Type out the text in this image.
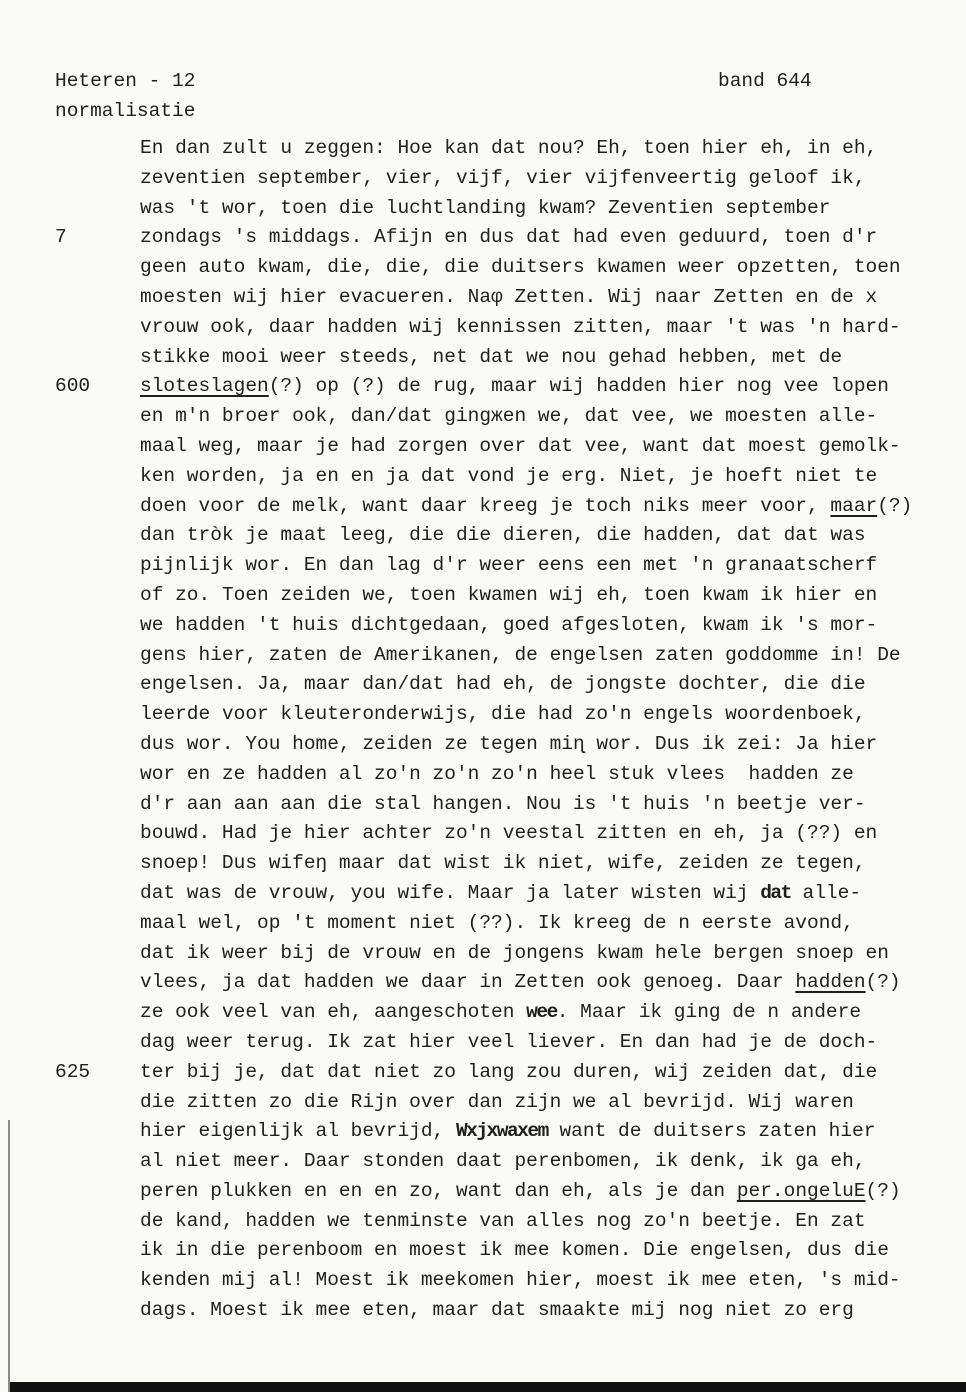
Heteren - 12	band 644
normalisatie
En dan zult u zeggen: Hoe kan dat nou? Eh, toen hier eh, in eh,
zeventien september, vier, vijf, vier vijfenveertig geloof ik,
was 't wor, toen die luchtlanding kwam? Zeventien september
7	zondags 's middags. Afijn en dus dat had even geduurd, toen d'r
geen auto kwam, die, die, die duitsers kwamen weer opzetten, toen
moesten wij hier evacueren. Naφ Zetten. Wij naar Zetten en de x
vrouw ook, daar hadden wij kennissen zitten, maar 't was 'n hard-
stikke mooi weer steeds, net dat we nou gehad hebben, met de
600	sloteslagen(?) op (?) de rug, maar wij hadden hier nog vee lopen
en m'n broer ook, dan/dat gingжen we, dat vee, we moesten alle-
maal weg, maar je had zorgen over dat vee, want dat moest gemolk-
ken worden, ja en en ja dat vond je erg. Niet, je hoeft niet te
doen voor de melk, want daar kreeg je toch niks meer voor, maar(?)
dan tròk je maat leeg, die die dieren, die hadden, dat dat was
pijnlijk wor. En dan lag d'r weer eens een met 'n granaatscherf
of zo. Toen zeiden we, toen kwamen wij eh, toen kwam ik hier en
we hadden 't huis dichtgedaan, goed afgesloten, kwam ik 's mor-
gens hier, zaten de Amerikanen, de engelsen zaten goddomme in! De
engelsen. Ja, maar dan/dat had eh, de jongste dochter, die die
leerde voor kleuteronderwijs, die had zo'n engels woordenboek,
dus wor. You home, zeiden ze tegen miɳ wor. Dus ik zei: Ja hier
wor en ze hadden al zo'n zo'n zo'n heel stuk vlees  hadden ze
d'r aan aan aan die stal hangen. Nou is 't huis 'n beetje ver-
bouwd. Had je hier achter zo'n veestal zitten en eh, ja (??) en
snoep! Dus wifeŋ maar dat wist ik niet, wife, zeiden ze tegen,
dat was de vrouw, you wife. Maar ja later wisten wij dat alle-
maal wel, op 't moment niet (??). Ik kreeg de n eerste avond,
dat ik weer bij de vrouw en de jongens kwam hele bergen snoep en
vlees, ja dat hadden we daar in Zetten ook genoeg. Daar hadden(?)
ze ook veel van eh, aangeschoten wee. Maar ik ging de n andere
dag weer terug. Ik zat hier veel liever. En dan had je de doch-
625	ter bij je, dat dat niet zo lang zou duren, wij zeiden dat, die
die zitten zo die Rijn over dan zijn we al bevrijd. Wij waren
hier eigenlijk al bevrijd, Wxjxwaxem want de duitsers zaten hier
al niet meer. Daar stonden daat perenbomen, ik denk, ik ga eh,
peren plukken en en en zo, want dan eh, als je dan per.ongeluE(?)
de kand, hadden we tenminste van alles nog zo'n beetje. En zat
ik in die perenboom en moest ik mee komen. Die engelsen, dus die
kenden mij al! Moest ik meekomen hier, moest ik mee eten, 's mid-
dags. Moest ik mee eten, maar dat smaakte mij nog niet zo erg
